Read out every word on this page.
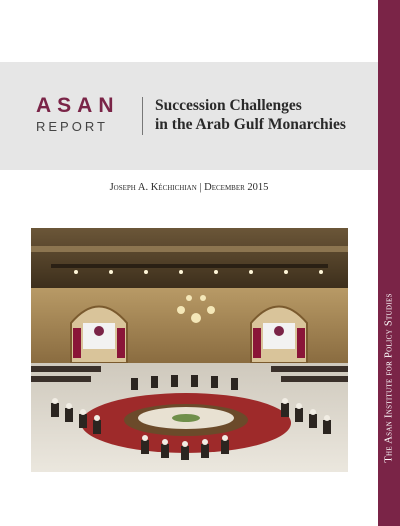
ASAN
REPORT
Succession Challenges
in the Arab Gulf Monarchies
Joseph A. Kéchichian | December 2015
The Asan Institute for Policy Studies
